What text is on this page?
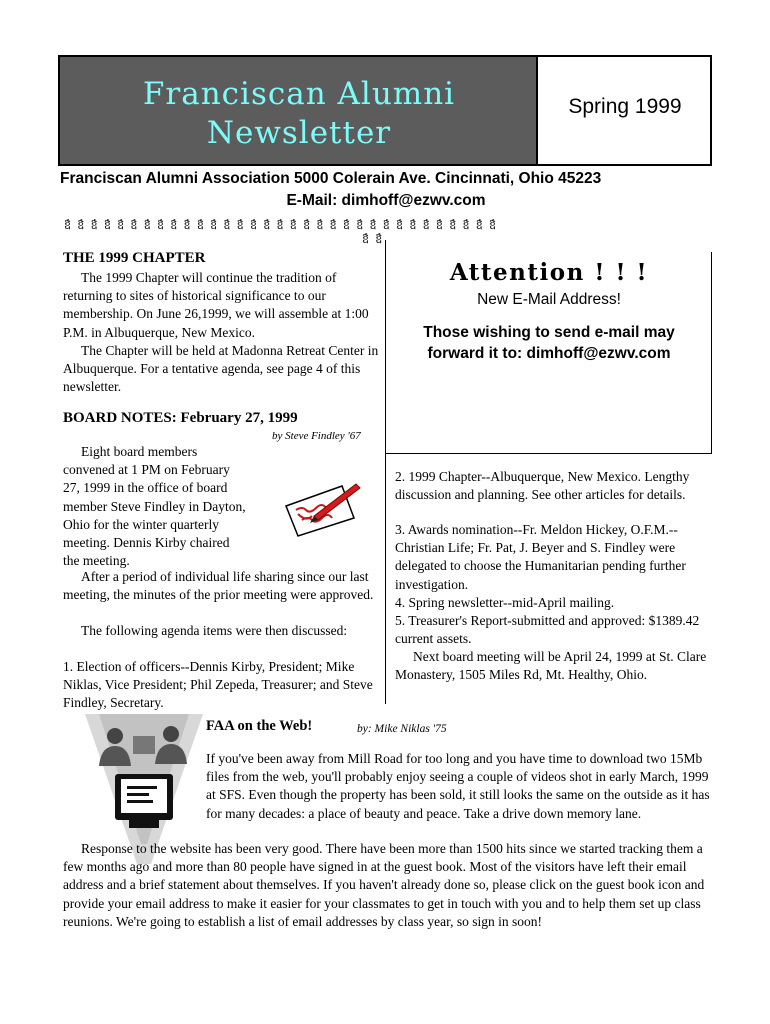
Franciscan Alumni
Newsletter
Spring 1999
Franciscan Alumni Association 5000 Colerain Ave. Cincinnati, Ohio 45223
E-Mail: dimhoff@ezwv.com
ឳឳឳឳឳឳឳឳឳឳឳឳឳឳឳឳឳឳឳឳឳឳឳឳឳឳឳឳឳឳឳឳឳ
ឳឳ
THE 1999 CHAPTER

The 1999 Chapter will continue the tradition of returning to sites of historical significance to our membership. On June 26,1999, we will assemble at 1:00 P.M. in Albuquerque, New Mexico.

The Chapter will be held at Madonna Retreat Center in Albuquerque. For a tentative agenda, see page 4 of this newsletter.

BOARD NOTES: February 27, 1999
by Steve Findley '67
Eight board members
convened at 1 PM on February
27, 1999 in the office of board
member Steve Findley in Dayton,
Ohio for the winter quarterly
meeting. Dennis Kirby chaired
the meeting.

After a period of individual life sharing since our last meeting, the minutes of the prior meeting were approved.

The following agenda items were then discussed:

1. Election of officers--Dennis Kirby, President; Mike Niklas, Vice President; Phil Zepeda, Treasurer; and Steve Findley, Secretary.

2. 1999 Chapter--Albuquerque, New Mexico. Lengthy discussion and planning. See other articles for details.

3. Awards nomination--Fr. Meldon Hickey, O.F.M.-- Christian Life; Fr. Pat, J. Beyer and S. Findley were delegated to choose the Humanitarian pending further investigation.

4. Spring newsletter--mid-April mailing.

5. Treasurer's Report-submitted and approved: $1389.42 current assets.

Next board meeting will be April 24, 1999 at St. Clare Monastery, 1505 Miles Rd, Mt. Healthy, Ohio.

Attention ! ! !
New E-Mail Address!
Those wishing to send e-mail may forward it to: dimhoff@ezwv.com
FAA on the Web!	by: Mike Niklas '75

If you've been away from Mill Road for too long and you have time to download two 15Mb files from the web, you'll probably enjoy seeing a couple of videos shot in early March, 1999 at SFS. Even though the property has been sold, it still looks the same on the outside as it has for many decades: a place of beauty and peace. Take a drive down memory lane.

Response to the website has been very good. There have been more than 1500 hits since we started tracking them a few months ago and more than 80 people have signed in at the guest book. Most of the visitors have left their email address and a brief statement about themselves. If you haven't already done so, please click on the guest book icon and provide your email address to make it easier for your classmates to get in touch with you and to help them set up class reunions. We're going to establish a list of email addresses by class year, so sign in soon!
